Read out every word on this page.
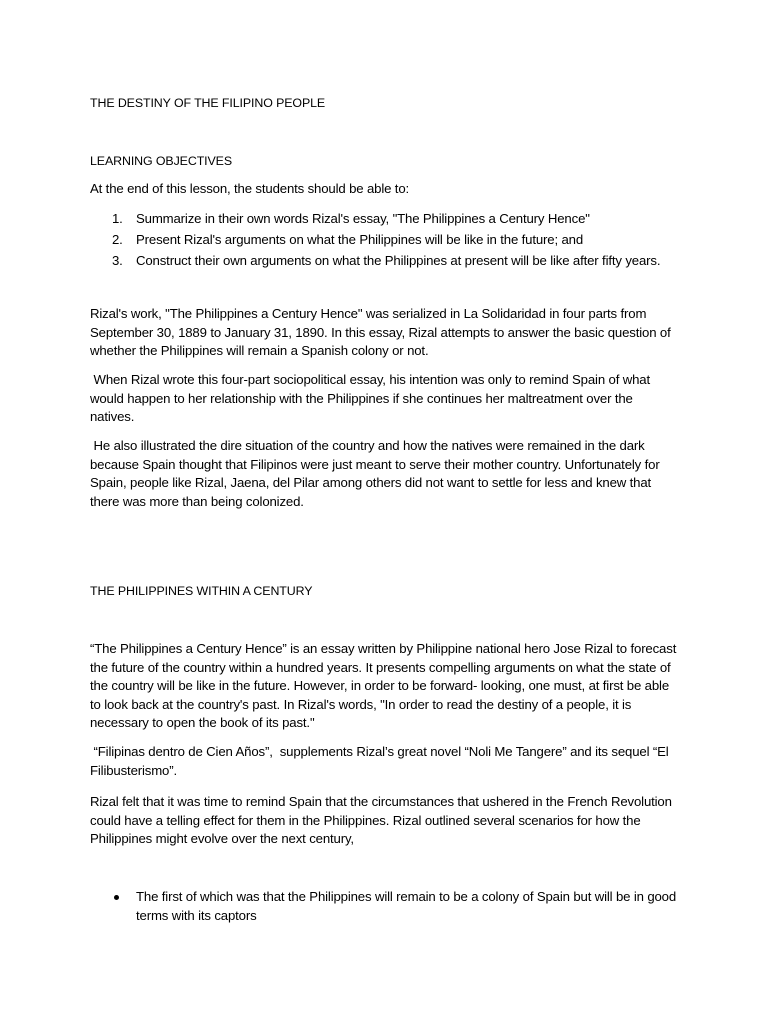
THE DESTINY OF THE FILIPINO PEOPLE
LEARNING OBJECTIVES

At the end of this lesson, the students should be able to:

1. Summarize in their own words Rizal's essay, "The Philippines a Century Hence"
2. Present Rizal's arguments on what the Philippines will be like in the future; and
3. Construct their own arguments on what the Philippines at present will be like after fifty years.

Rizal's work, "The Philippines a Century Hence" was serialized in La Solidaridad in four parts from September 30, 1889 to January 31, 1890. In this essay, Rizal attempts to answer the basic question of whether the Philippines will remain a Spanish colony or not.

When Rizal wrote this four-part sociopolitical essay, his intention was only to remind Spain of what would happen to her relationship with the Philippines if she continues her maltreatment over the natives.

He also illustrated the dire situation of the country and how the natives were remained in the dark because Spain thought that Filipinos were just meant to serve their mother country. Unfortunately for Spain, people like Rizal, Jaena, del Pilar among others did not want to settle for less and knew that there was more than being colonized.

THE PHILIPPINES WITHIN A CENTURY

“The Philippines a Century Hence” is an essay written by Philippine national hero Jose Rizal to forecast the future of the country within a hundred years. It presents compelling arguments on what the state of the country will be like in the future. However, in order to be forward- looking, one must, at first be able to look back at the country's past. In Rizal's words, "In order to read the destiny of a people, it is necessary to open the book of its past."

“Filipinas dentro de Cien Años”,  supplements Rizal’s great novel “Noli Me Tangere” and its sequel “El Filibusterismo”.

Rizal felt that it was time to remind Spain that the circumstances that ushered in the French Revolution could have a telling effect for them in the Philippines. Rizal outlined several scenarios for how the Philippines might evolve over the next century,

The first of which was that the Philippines will remain to be a colony of Spain but will be in good terms with its captors
